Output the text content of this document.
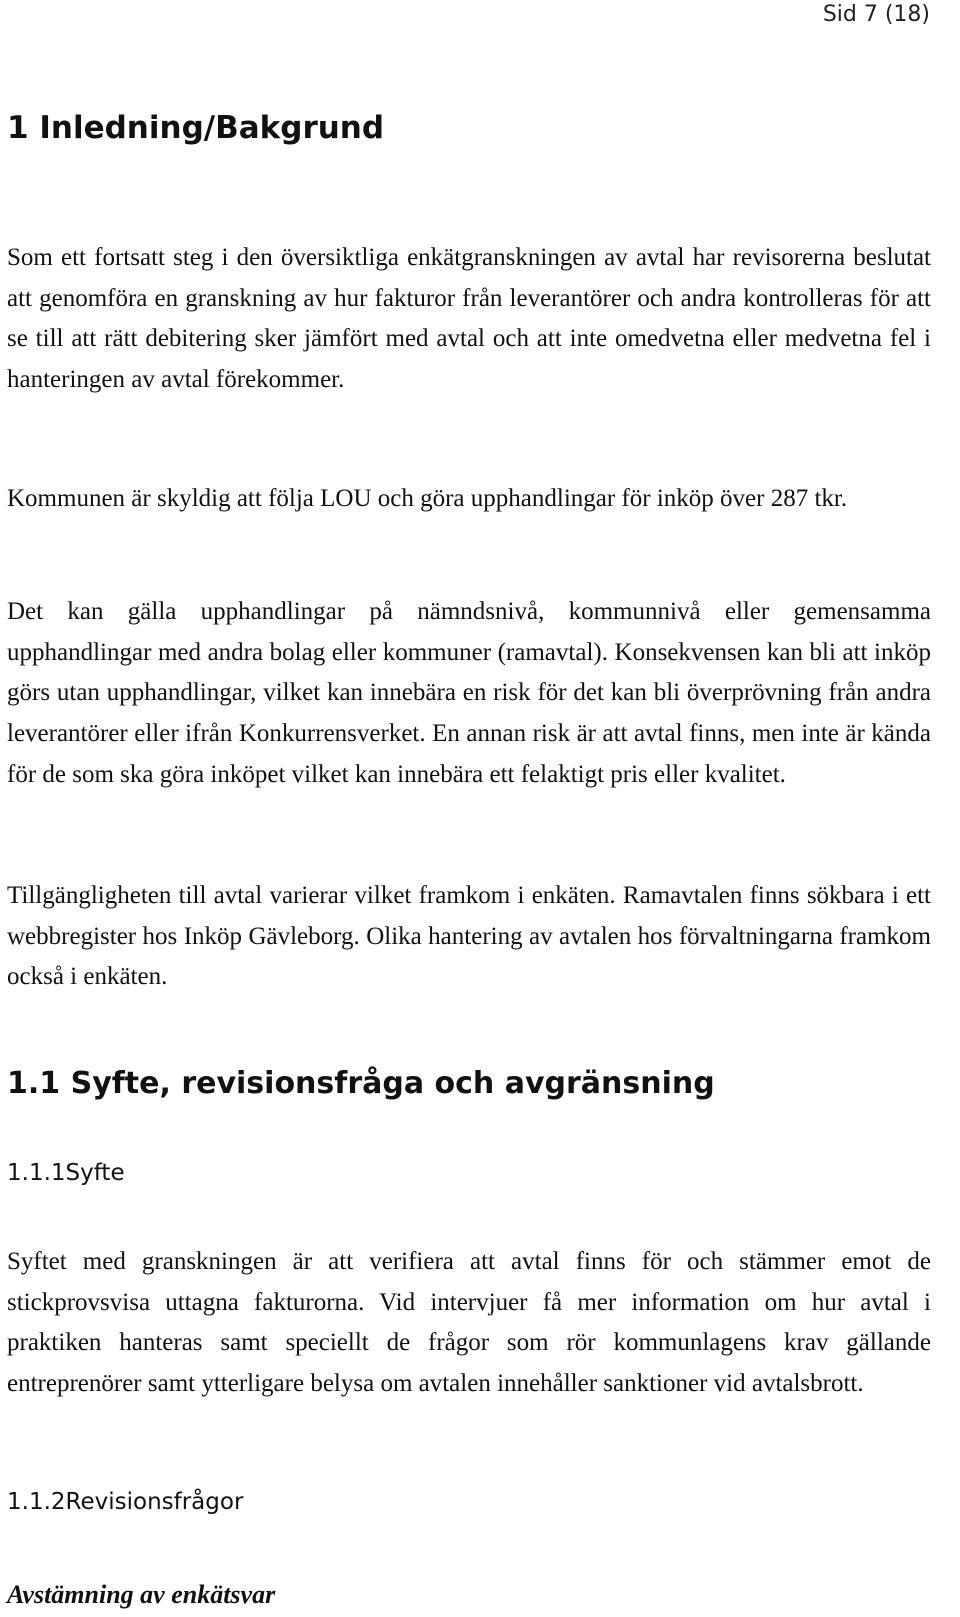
Sid 7 (18)
1 Inledning/Bakgrund

Som ett fortsatt steg i den översiktliga enkätgranskningen av avtal har revisorerna beslutat att genomföra en granskning av hur fakturor från leverantörer och andra kontrolleras för att se till att rätt debitering sker jämfört med avtal och att inte omedvetna eller medvetna fel i hanteringen av avtal förekommer.

Kommunen är skyldig att följa LOU och göra upphandlingar för inköp över 287 tkr.

Det kan gälla upphandlingar på nämndsnivå, kommunnivå eller gemensamma upphandlingar med andra bolag eller kommuner (ramavtal). Konsekvensen kan bli att inköp görs utan upphandlingar, vilket kan innebära en risk för det kan bli överprövning från andra leverantörer eller ifrån Konkurrensverket. En annan risk är att avtal finns, men inte är kända för de som ska göra inköpet vilket kan innebära ett felaktigt pris eller kvalitet.

Tillgängligheten till avtal varierar vilket framkom i enkäten. Ramavtalen finns sökbara i ett webbregister hos Inköp Gävleborg. Olika hantering av avtalen hos förvaltningarna framkom också i enkäten.

1.1 Syfte, revisionsfråga och avgränsning
1.1.1Syfte

Syftet med granskningen är att verifiera att avtal finns för och stämmer emot de stickprovsvisa uttagna fakturorna. Vid intervjuer få mer information om hur avtal i praktiken hanteras samt speciellt de frågor som rör kommunlagens krav gällande entreprenörer samt ytterligare belysa om avtalen innehåller sanktioner vid avtalsbrott.

1.1.2Revisionsfrågor
Avstämning av enkätsvar
